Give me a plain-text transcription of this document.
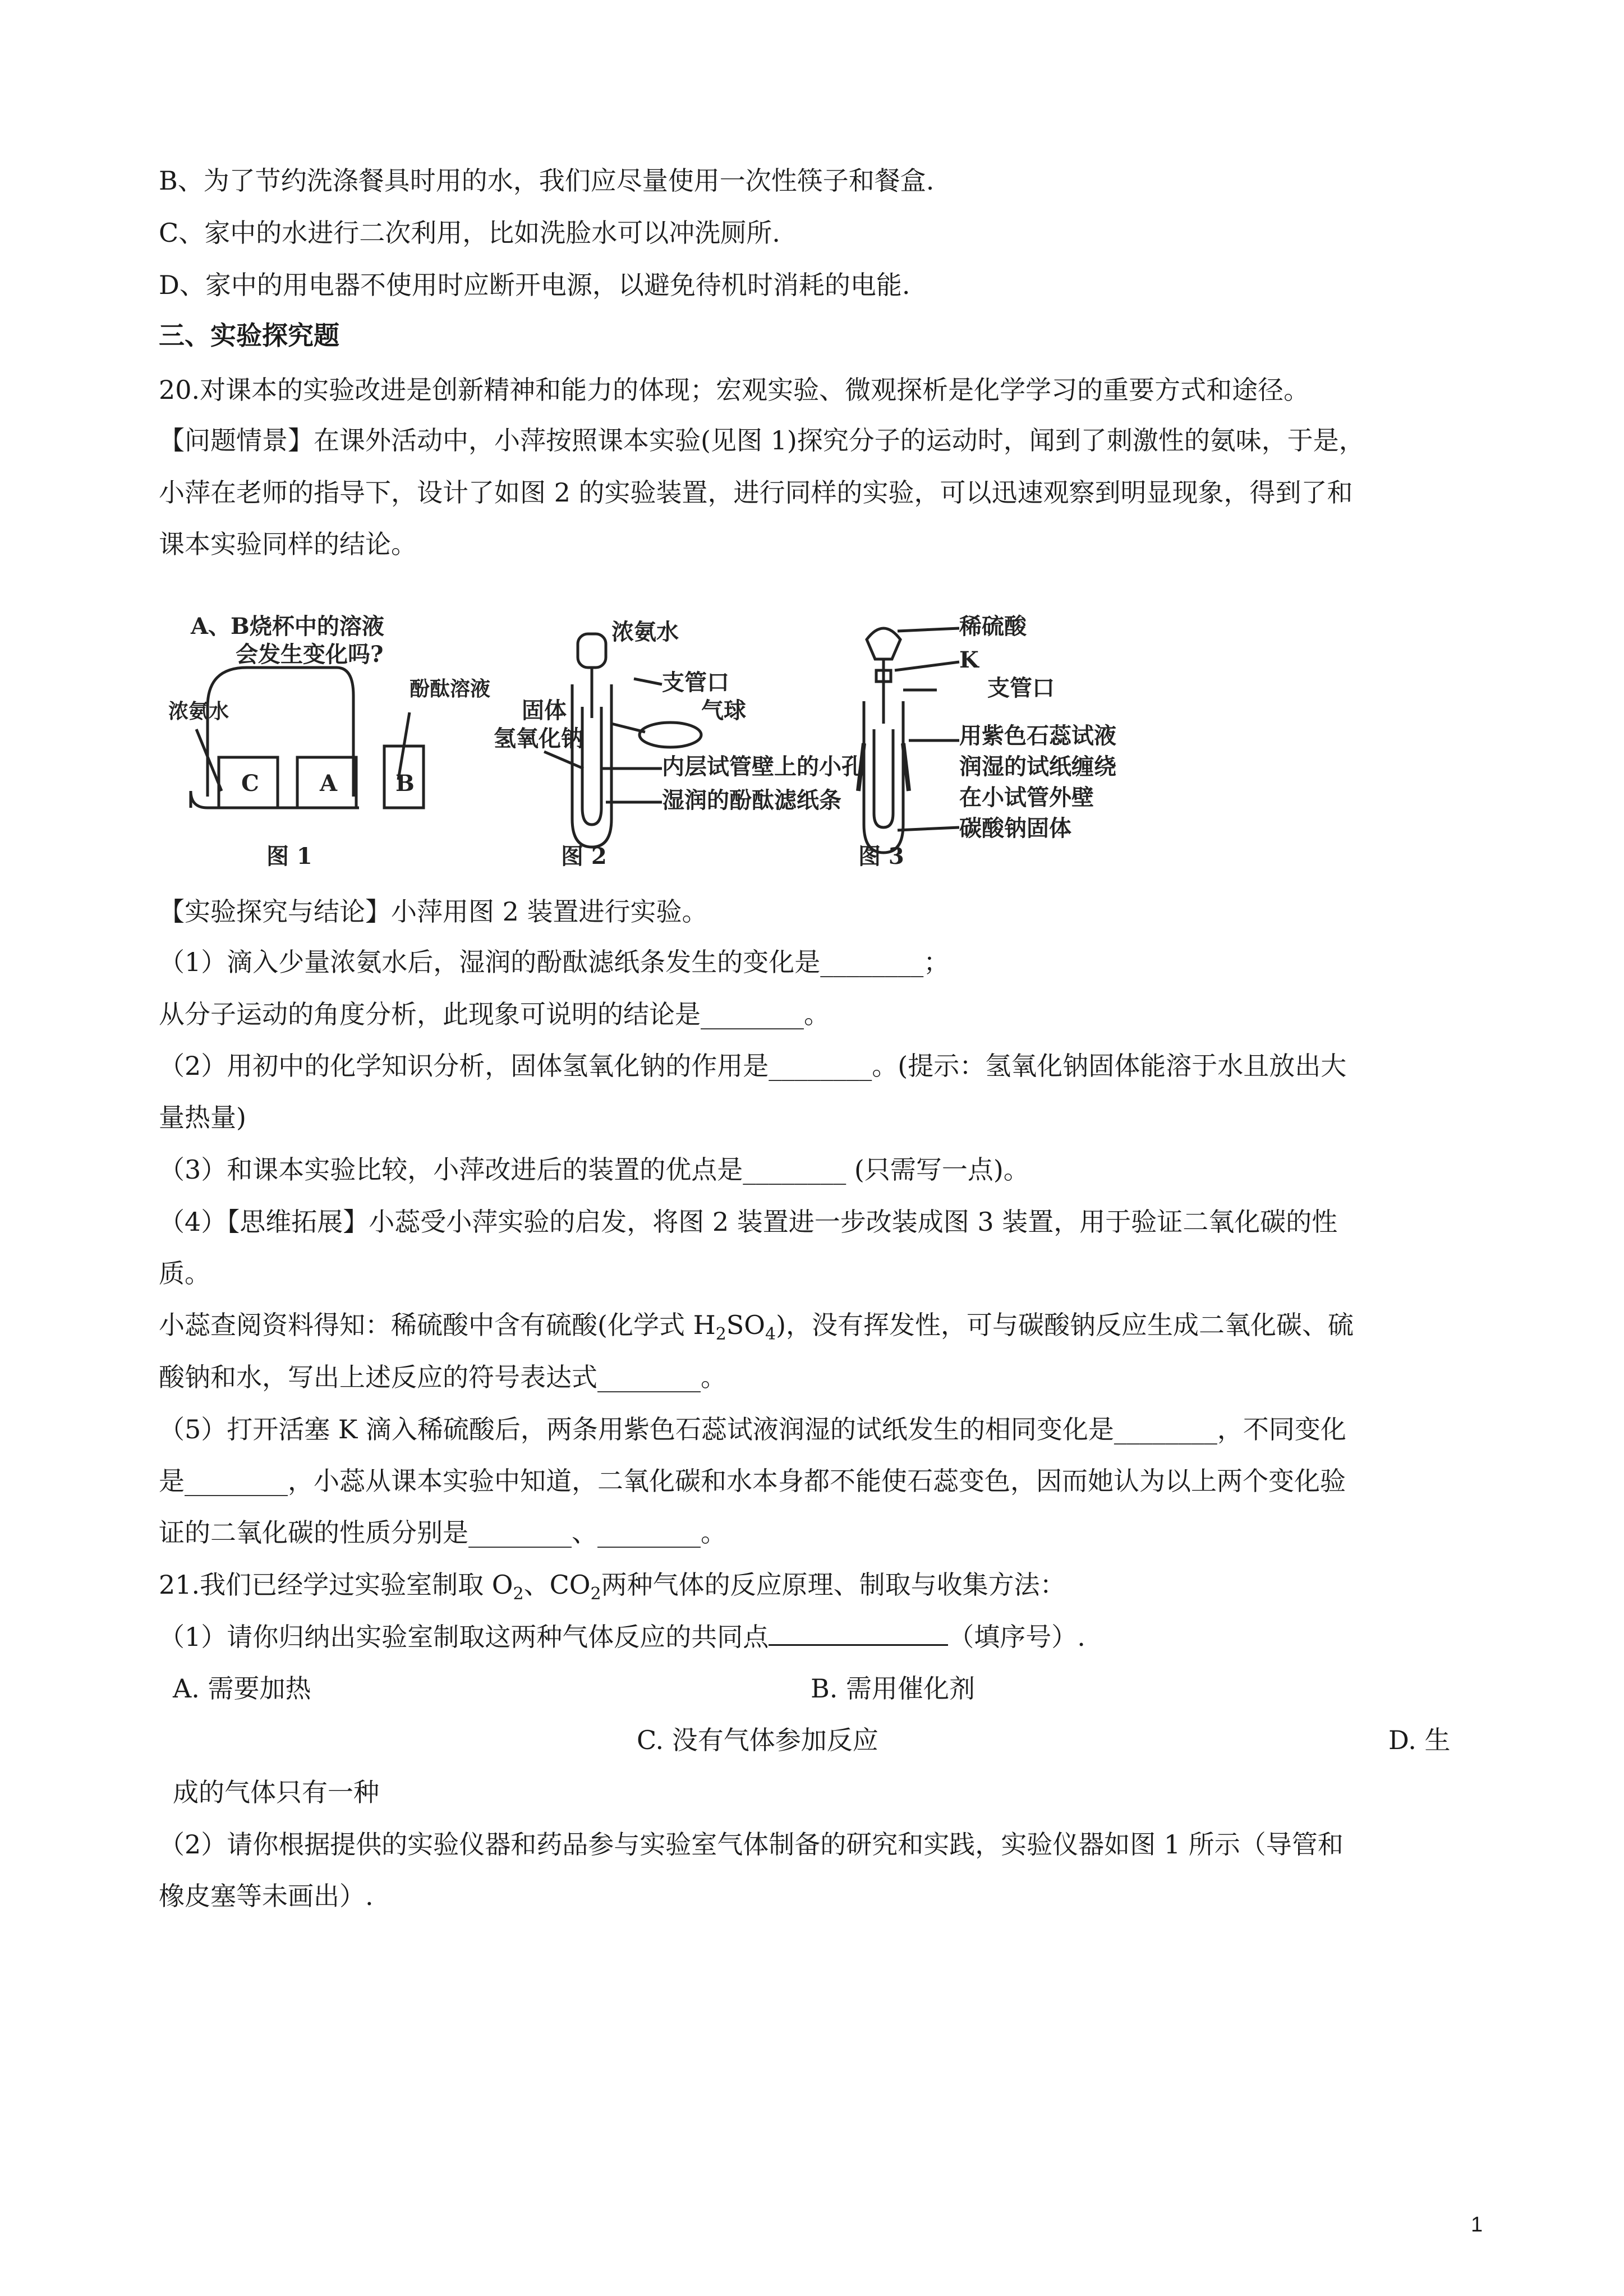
B、为了节约洗涤餐具时用的水，我们应尽量使用一次性筷子和餐盒.
C、家中的水进行二次利用，比如洗脸水可以冲洗厕所.
D、家中的用电器不使用时应断开电源，以避免待机时消耗的电能.
三、实验探究题
20.对课本的实验改进是创新精神和能力的体现；宏观实验、微观探析是化学学习的重要方式和途径。
【问题情景】在课外活动中，小萍按照课本实验(见图 1)探究分子的运动时，闻到了刺激性的氨味，于是，
小萍在老师的指导下，设计了如图 2 的实验装置，进行同样的实验，可以迅速观察到明显现象，得到了和
课本实验同样的结论。
A、B烧杯中的溶液
会发生变化吗?
浓氨水
酚酞溶液
C	A	B
图 1
浓氨水
固体
氢氧化钠
支管口
气球
内层试管壁上的小孔
湿润的酚酞滤纸条
图 2
稀硫酸
K
支管口
用紫色石蕊试液
润湿的试纸缠绕
在小试管外壁
碳酸钠固体
图 3
【实验探究与结论】小萍用图 2 装置进行实验。
（1）滴入少量浓氨水后，湿润的酚酞滤纸条发生的变化是________；
从分子运动的角度分析，此现象可说明的结论是________。
（2）用初中的化学知识分析，固体氢氧化钠的作用是________。(提示：氢氧化钠固体能溶于水且放出大
量热量)
（3）和课本实验比较，小萍改进后的装置的优点是________ (只需写一点)。
（4）【思维拓展】小蕊受小萍实验的启发，将图 2 装置进一步改装成图 3 装置，用于验证二氧化碳的性
质。
小蕊查阅资料得知：稀硫酸中含有硫酸(化学式 $H_2SO_4$)，没有挥发性，可与碳酸钠反应生成二氧化碳、硫
酸钠和水，写出上述反应的符号表达式________。
（5）打开活塞 K 滴入稀硫酸后，两条用紫色石蕊试液润湿的试纸发生的相同变化是________，不同变化
是________，小蕊从课本实验中知道，二氧化碳和水本身都不能使石蕊变色，因而她认为以上两个变化验
证的二氧化碳的性质分别是________、________。
21.我们已经学过实验室制取 $O_2$、$CO_2$两种气体的反应原理、制取与收集方法：
（1）请你归纳出实验室制取这两种气体反应的共同点	（填序号）.
A. 需要加热	B. 需用催化剂
C. 没有气体参加反应	D. 生
成的气体只有一种
（2）请你根据提供的实验仪器和药品参与实验室气体制备的研究和实践，实验仪器如图 1 所示（导管和
橡皮塞等未画出）.
1
